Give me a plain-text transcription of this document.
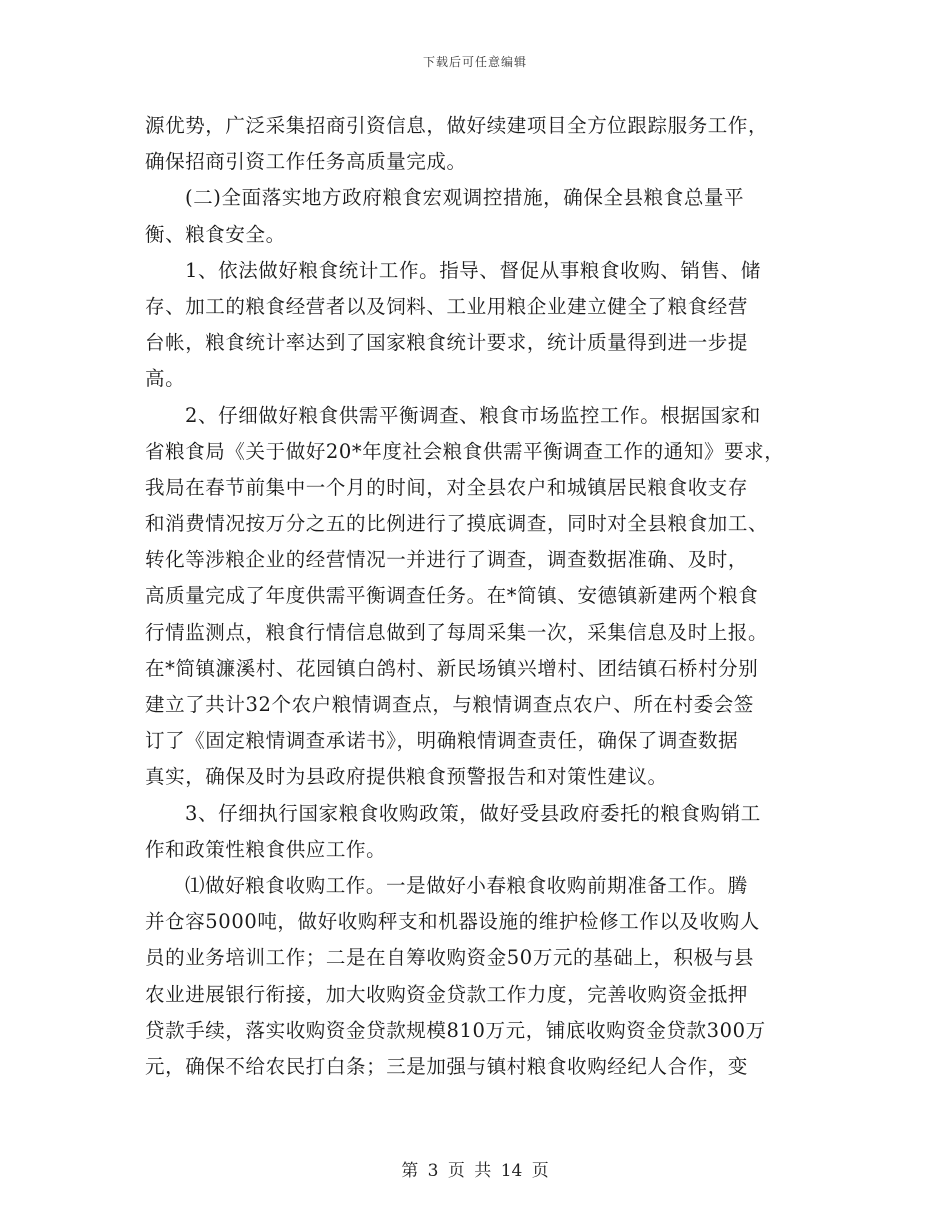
下载后可任意编辑
源优势，广泛采集招商引资信息，做好续建项目全方位跟踪服务工作，
确保招商引资工作任务高质量完成。
(二)全面落实地方政府粮食宏观调控措施，确保全县粮食总量平
衡、粮食安全。
1、依法做好粮食统计工作。指导、督促从事粮食收购、销售、储
存、加工的粮食经营者以及饲料、工业用粮企业建立健全了粮食经营
台帐，粮食统计率达到了国家粮食统计要求，统计质量得到进一步提
高。
2、仔细做好粮食供需平衡调查、粮食市场监控工作。根据国家和
省粮食局《关于做好20*年度社会粮食供需平衡调查工作的通知》要求，
我局在春节前集中一个月的时间，对全县农户和城镇居民粮食收支存
和消费情况按万分之五的比例进行了摸底调查，同时对全县粮食加工、
转化等涉粮企业的经营情况一并进行了调查，调查数据准确、及时，
高质量完成了年度供需平衡调查任务。在*简镇、安德镇新建两个粮食
行情监测点，粮食行情信息做到了每周采集一次，采集信息及时上报。
在*简镇濂溪村、花园镇白鸽村、新民场镇兴增村、团结镇石桥村分别
建立了共计32个农户粮情调查点，与粮情调查点农户、所在村委会签
订了《固定粮情调查承诺书》，明确粮情调查责任，确保了调查数据
真实，确保及时为县政府提供粮食预警报告和对策性建议。
3、仔细执行国家粮食收购政策，做好受县政府委托的粮食购销工
作和政策性粮食供应工作。
⑴做好粮食收购工作。一是做好小春粮食收购前期准备工作。腾
并仓容5000吨，做好收购秤支和机器设施的维护检修工作以及收购人
员的业务培训工作；二是在自筹收购资金50万元的基础上，积极与县
农业进展银行衔接，加大收购资金贷款工作力度，完善收购资金抵押
贷款手续，落实收购资金贷款规模810万元，铺底收购资金贷款300万
元，确保不给农民打白条；三是加强与镇村粮食收购经纪人合作，变
第 3 页 共 14 页
